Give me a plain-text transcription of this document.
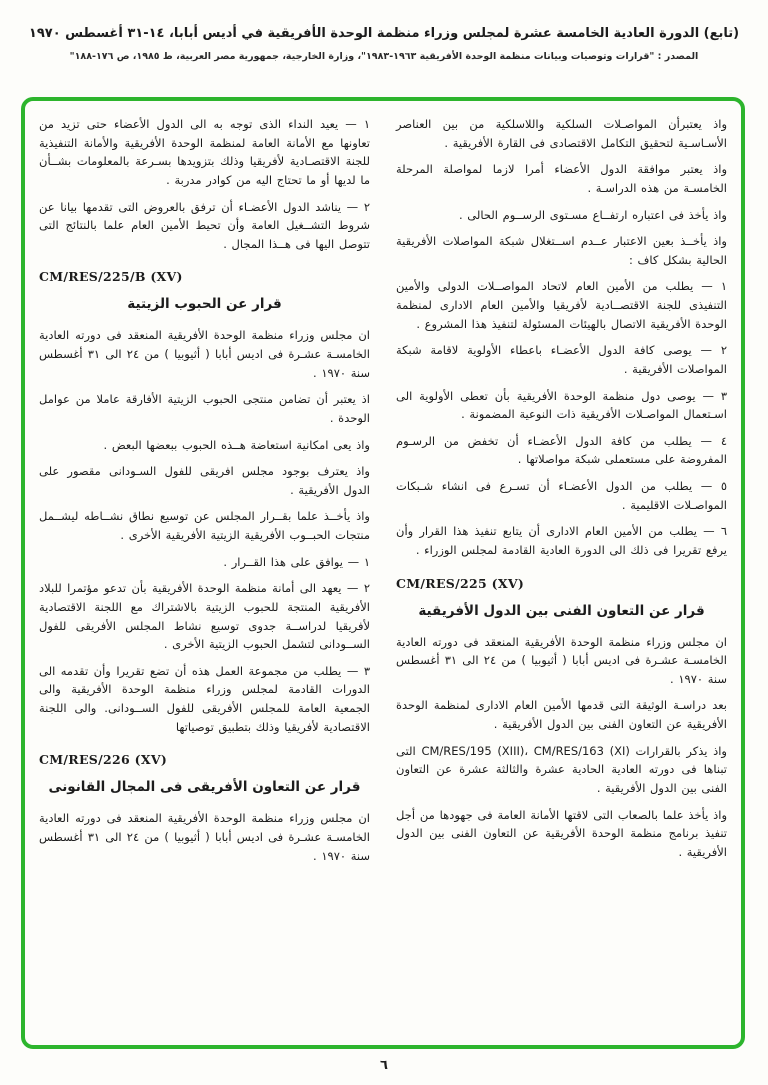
(تابع) الدورة العادية الخامسة عشرة لمجلس وزراء منظمة الوحدة الأفريقية في أديس أبابا، ١٤-٣١ أغسطس ١٩٧٠
المصدر : "قرارات وتوصيات وبيانات منظمة الوحدة الأفريقية ١٩٦٣-١٩٨٣"، وزارة الخارجية، جمهورية مصر العربية، ط ١٩٨٥، ص ١٧٦-١٨٨"
واذ يعتبرأن المواصـلات السلكية واللاسلكية من بين العناصر الأسـاسـية لتحقيق التكامل الاقتصادى فى القارة الأفريقية .
واذ يعتبر موافقة الدول الأعضاء أمرا لازما لمواصلة المرحلة الخامسـة من هذه الدراسـة .
واذ يأخذ فى اعتباره ارتفــاع مسـتوى الرســوم الحالى .
واذ يأخــذ بعين الاعتبار عــدم اســتغلال شبكة المواصلات الأفريقية الحالية بشكل كاف :
١ — يطلب من الأمين العام لاتحاد المواصــلات الدولى والأمين التنفيذى للجنة الاقتصــادية لأفريقيا والأمين العام الادارى لمنظمة الوحدة الأفريقية الاتصال بالهيئات المسئولة لتنفيذ هذا المشروع .
٢ — يوصى كافة الدول الأعضـاء باعطاء الأولوية لاقامة شبكة المواصلات الأفريقية .
٣ — يوصى دول منظمة الوحدة الأفريقية بأن تعطى الأولوية الى اسـتعمال المواصـلات الأفريقية ذات النوعية المضمونة .
٤ — يطلب من كافة الدول الأعضـاء أن تخفض من الرسـوم المفروضة على مستعملى شبكة مواصلاتها .
٥ — يطلب من الدول الأعضـاء أن تسـرع فى انشاء شـبكات المواصـلات الاقليمية .
٦ — يطلب من الأمين العام الادارى أن يتابع تنفيذ هذا القرار وأن يرفع تقريرا فى ذلك الى الدورة العادية القادمة لمجلس الوزراء .
CM/RES/225 (XV)
قرار عن التعاون الفنى بين الدول الأفريقية
ان مجلس وزراء منظمة الوحدة الأفريقية المنعقد فى دورته العادية الخامسـة عشـرة فى اديس أبابا ( أثيوبيا ) من ٢٤ الى ٣١ أغسطس سنة ١٩٧٠ .
بعد دراسـة الوثيقة التى قدمها الأمين العام الادارى لمنظمة الوحدة الأفريقية عن التعاون الفنى بين الدول الأفريقية .
واذ يذكر بالقرارات CM/RES/195 (XIII)، CM/RES/163 (XI) التى تبناها فى دورته العادية الحادية عشرة والثالثة عشرة عن التعاون الفنى بين الدول الأفريقية .
واذ يأخذ علما بالصعاب التى لاقتها الأمانة العامة فى جهودها من أجل تنفيذ برنامج منظمة الوحدة الأفريقية عن التعاون الفنى بين الدول الأفريقية .
١ — يعيد النداء الذى توجه به الى الدول الأعضاء حتى تزيد من تعاونها مع الأمانة العامة لمنظمة الوحدة الأفريقية والأمانة التنفيذية للجنة الاقتصـادية لأفريقيا وذلك بتزويدها بسـرعة بالمعلومات بشــأن ما لديها أو ما تحتاج اليه من كوادر مدربة .
٢ — يناشد الدول الأعضـاء أن ترفق بالعروض التى تقدمها بيانا عن شروط التشــغيل العامة وأن تحيط الأمين العام علما بالنتائج التى تتوصل اليها فى هــذا المجال .
CM/RES/225/B (XV)
قرار عن الحبوب الزيتية
ان مجلس وزراء منظمة الوحدة الأفريقية المنعقد فى دورته العادية الخامسـة عشـرة فى اديس أبابا ( أثيوبيا ) من ٢٤ الى ٣١ أغسطس سنة ١٩٧٠ .
اذ يعتبر أن تضامن منتجى الحبوب الزيتية الأفارقة عاملا من عوامل الوحدة .
واذ يعى امكانية استعاضة هــذه الحبوب ببعضها البعض .
واذ يعترف بوجود مجلس افريقى للفول السـودانى مقصور على الدول الأفريقية .
واذ يأخــذ علما بقــرار المجلس عن توسيع نطاق نشــاطه ليشــمل منتجات الحبــوب الأفريقية الزيتية الأفريقية الأخرى .
١ — يوافق على هذا القــرار .
٢ — يعهد الى أمانة منظمة الوحدة الأفريقية بأن تدعو مؤتمرا للبلاد الأفريقية المنتجة للحبوب الزيتية بالاشتراك مع اللجنة الاقتصادية لأفريقيا لدراســة جدوى توسيع نشاط المجلس الأفريقى للفول الســودانى لتشمل الحبوب الزيتية الأخرى .
٣ — يطلب من مجموعة العمل هذه أن تضع تقريرا وأن تقدمه الى الدورات القادمة لمجلس وزراء منظمة الوحدة الأفريقية والى الجمعية العامة للمجلس الأفريقى للفول الســودانى. والى اللجنة الاقتصادية لأفريقيا وذلك بتطبيق توصياتها
CM/RES/226 (XV)
قرار عن التعاون الأفريقى فى المجال القانونى
ان مجلس وزراء منظمة الوحدة الأفريقية المنعقد فى دورته العادية الخامسـة عشـرة فى اديس أبابا ( أثيوبيا ) من ٢٤ الى ٣١ أغسطس سنة ١٩٧٠ .
٦
